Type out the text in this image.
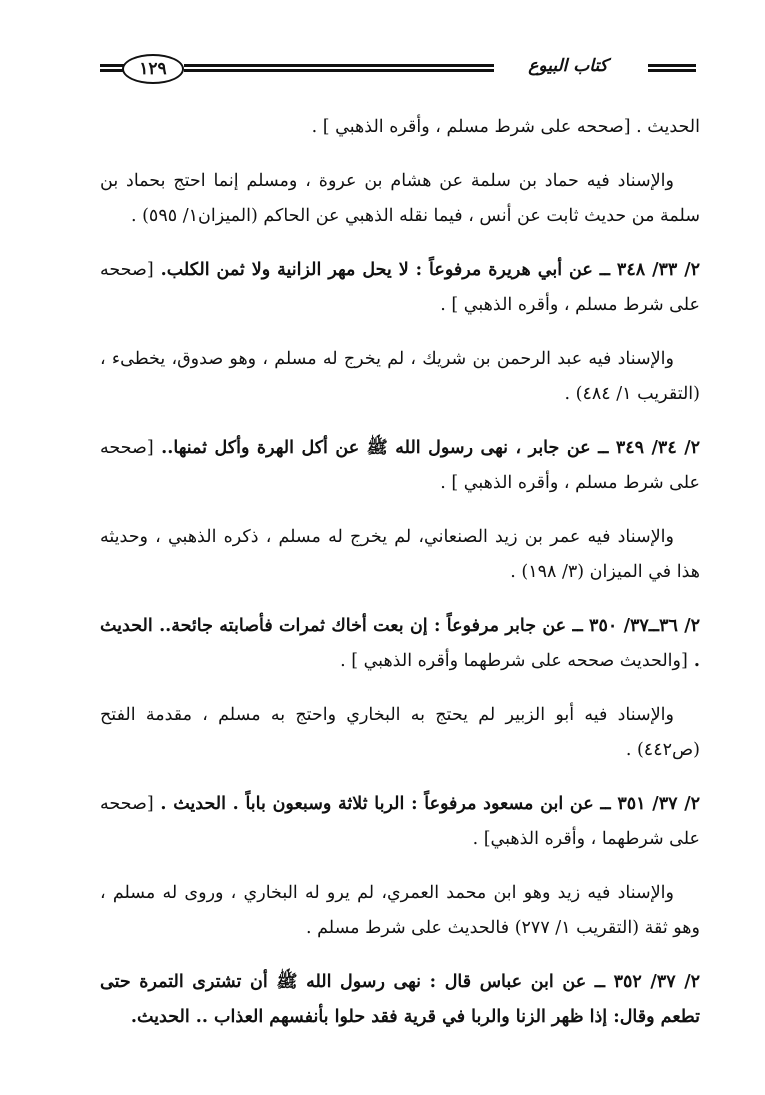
١٢٩	كتاب البيوع

الحديث . [صححه على شرط مسلم ، وأقره الذهبي ] .

والإسناد فيه حماد بن سلمة عن هشام بن عروة ، ومسلم إنما احتج بحماد بن سلمة من حديث ثابت عن أنس ، فيما نقله الذهبي عن الحاكم (الميزان١/ ٥٩٥) .

٢/ ٣٣/ ٣٤٨ ــ عن أبي هريرة مرفوعاً : لا يحل مهر الزانية ولا ثمن الكلب. [صححه على شرط مسلم ، وأقره الذهبي ] .

والإسناد فيه عبد الرحمن بن شريك ، لم يخرج له مسلم ، وهو صدوق، يخطىء ، (التقريب ١/ ٤٨٤) .

٢/ ٣٤/ ٣٤٩ ــ عن جابر ، نهى رسول الله ﷺ عن أكل الهرة وأكل ثمنها.. [صححه على شرط مسلم ، وأقره الذهبي ] .

والإسناد فيه عمر بن زيد الصنعاني، لم يخرج له مسلم ، ذكره الذهبي ، وحديثه هذا في الميزان (٣/ ١٩٨) .

٢/ ٣٦ــ٣٧/ ٣٥٠ ــ عن جابر مرفوعاً : إن بعت أخاك ثمرات فأصابته جائحة.. الحديث . [والحديث صححه على شرطهما وأقره الذهبي ] .

والإسناد فيه أبو الزبير لم يحتج به البخاري واحتج به مسلم ، مقدمة الفتح (ص٤٤٢) .

٢/ ٣٧/ ٣٥١ ــ عن ابن مسعود مرفوعاً : الربا ثلاثة وسبعون باباً . الحديث . [صححه على شرطهما ، وأقره الذهبي] .

والإسناد فيه زيد وهو ابن محمد العمري، لم يرو له البخاري ، وروى له مسلم ، وهو ثقة (التقريب ١/ ٢٧٧) فالحديث على شرط مسلم .

٢/ ٣٧/ ٣٥٢ ــ عن ابن عباس قال : نهى رسول الله ﷺ أن تشترى التمرة حتى تطعم وقال: إذا ظهر الزنا والربا في قرية فقد حلوا بأنفسهم العذاب .. الحديث.
